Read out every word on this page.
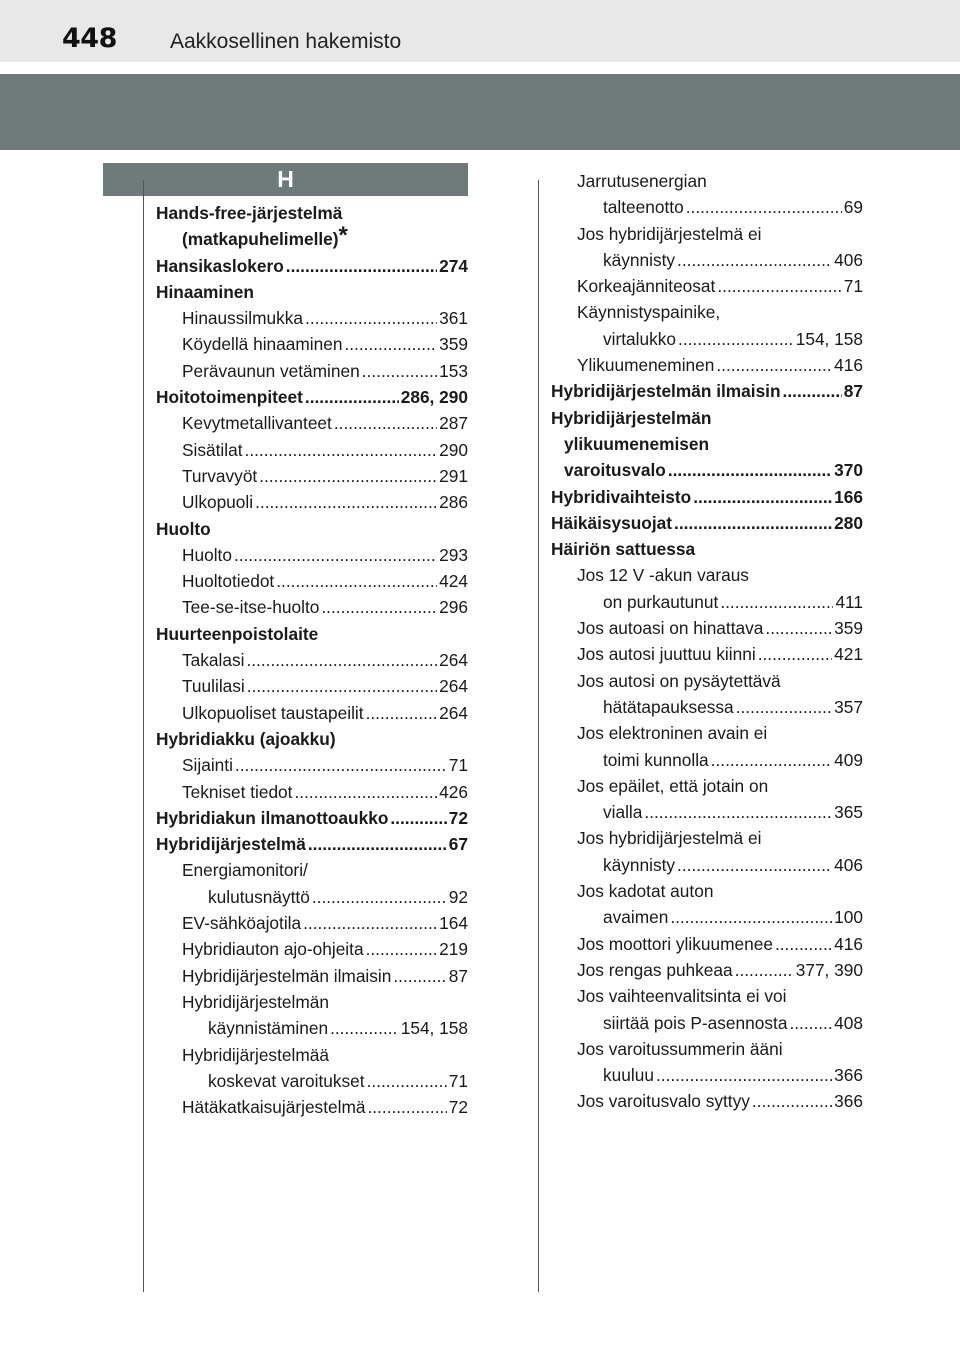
448	Aakkosellinen hakemisto
H
Hands-free-järjestelmä
(matkapuhelimelle)*
Hansikaslokero .....	274
Hinaaminen
Hinaussilmukka .....	361
Köydellä hinaaminen .....	359
Perävaunun vetäminen .....	153
Hoitotoimenpiteet .....	286, 290
Kevytmetallivanteet .....	287
Sisätilat .....	290
Turvavyöt .....	291
Ulkopuoli .....	286
Huolto
Huolto .....	293
Huoltotiedot .....	424
Tee-se-itse-huolto .....	296
Huurteenpoistolaite
Takalasi .....	264
Tuulilasi .....	264
Ulkopuoliset taustapeilit .....	264
Hybridiakku (ajoakku)
Sijainti .....	71
Tekniset tiedot .....	426
Hybridiakun ilmanottoaukko .....	72
Hybridijärjestelmä .....	67
Energiamonitori/
kulutusnäyttö .....	92
EV-sähköajotila .....	164
Hybridiauton ajo-ohjeita .....	219
Hybridijärjestelmän ilmaisin .....	87
Hybridijärjestelmän
käynnistäminen .....	154, 158
Hybridijärjestelmää
koskevat varoitukset .....	71
Hätäkatkaisujärjestelmä .....	72
Jarrutusenergian
talteenotto .....	69
Jos hybridijärjestelmä ei
käynnisty .....	406
Korkeajänniteosat .....	71
Käynnistyspainike,
virtalukko .....	154, 158
Ylikuumeneminen .....	416
Hybridijärjestelmän ilmaisin .....	87
Hybridijärjestelmän
ylikuumenemisen
varoitusvalo .....	370
Hybridivaihteisto .....	166
Häikäisysuojat .....	280
Häiriön sattuessa
Jos 12 V -akun varaus
on purkautunut .....	411
Jos autoasi on hinattava .....	359
Jos autosi juuttuu kiinni .....	421
Jos autosi on pysäytettävä
hätätapauksessa .....	357
Jos elektroninen avain ei
toimi kunnolla .....	409
Jos epäilet, että jotain on
vialla .....	365
Jos hybridijärjestelmä ei
käynnisty .....	406
Jos kadotat auton
avaimen .....	100
Jos moottori ylikuumenee .....	416
Jos rengas puhkeaa .....	377, 390
Jos vaihteenvalitsinta ei voi
siirtää pois P-asennosta .....	408
Jos varoitussummerin ääni
kuuluu .....	366
Jos varoitusvalo syttyy .....	366
